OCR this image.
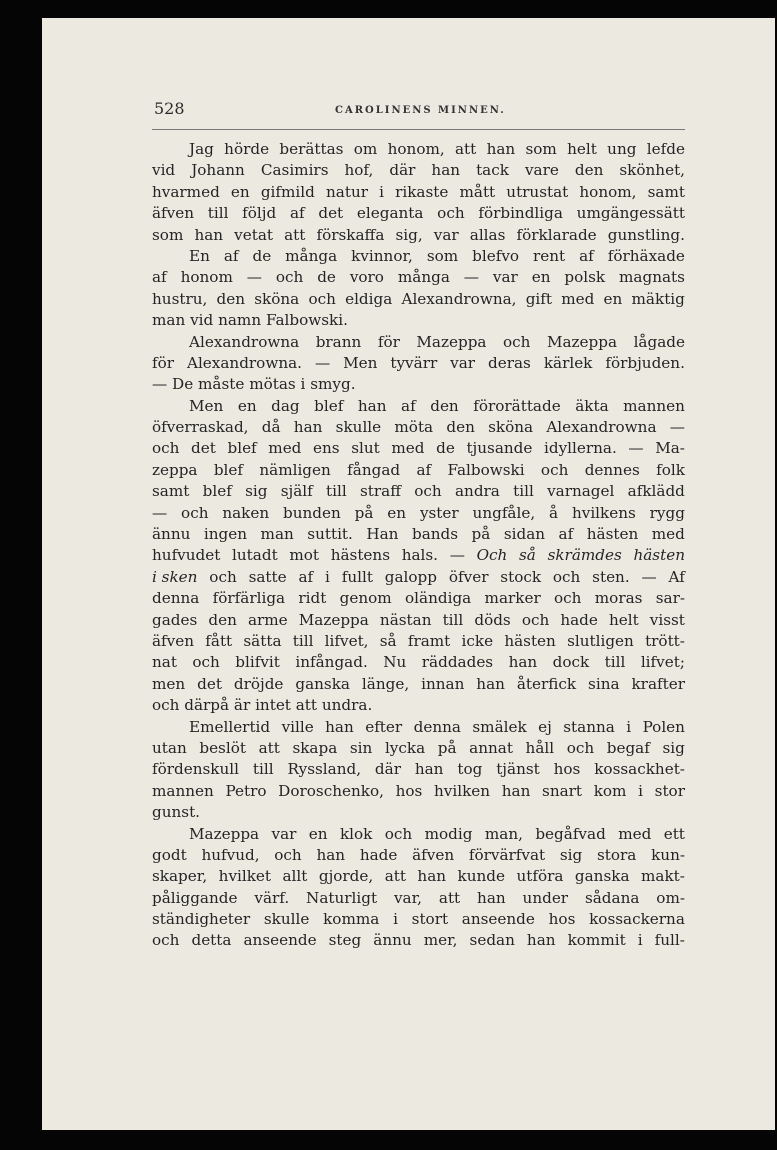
528	CAROLINENS MINNEN.
Jag hörde berättas om honom, att han som helt ung lefde
vid Johann Casimirs hof, där han tack vare den skönhet,
hvarmed en gifmild natur i rikaste mått utrustat honom, samt
äfven till följd af det eleganta och förbindliga umgängessätt
som han vetat att förskaffa sig, var allas förklarade gunstling.
En af de många kvinnor, som blefvo rent af förhäxade
af honom — och de voro många — var en polsk magnats
hustru, den sköna och eldiga Alexandrowna, gift med en mäktig
man vid namn Falbowski.
Alexandrowna brann för Mazeppa och Mazeppa lågade
för Alexandrowna. — Men tyvärr var deras kärlek förbjuden.
— De måste mötas i smyg.
Men en dag blef han af den förorättade äkta mannen
öfverraskad, då han skulle möta den sköna Alexandrowna —
och det blef med ens slut med de tjusande idyllerna. — Ma-
zeppa blef nämligen fångad af Falbowski och dennes folk
samt blef sig själf till straff och andra till varnagel afklädd
— och naken bunden på en yster ungfåle, å hvilkens rygg
ännu ingen man suttit. Han bands på sidan af hästen med
hufvudet lutadt mot hästens hals. — Och så skrämdes hästen
i sken och satte af i fullt galopp öfver stock och sten. — Af
denna förfärliga ridt genom oländiga marker och moras sar-
gades den arme Mazeppa nästan till döds och hade helt visst
äfven fått sätta till lifvet, så framt icke hästen slutligen trött-
nat och blifvit infångad. Nu räddades han dock till lifvet;
men det dröjde ganska länge, innan han återfick sina krafter
och därpå är intet att undra.
Emellertid ville han efter denna smälek ej stanna i Polen
utan beslöt att skapa sin lycka på annat håll och begaf sig
fördenskull till Ryssland, där han tog tjänst hos kossackhet-
mannen Petro Doroschenko, hos hvilken han snart kom i stor
gunst.
Mazeppa var en klok och modig man, begåfvad med ett
godt hufvud, och han hade äfven förvärfvat sig stora kun-
skaper, hvilket allt gjorde, att han kunde utföra ganska makt-
påliggande värf. Naturligt var, att han under sådana om-
ständigheter skulle komma i stort anseende hos kossackerna
och detta anseende steg ännu mer, sedan han kommit i full-
